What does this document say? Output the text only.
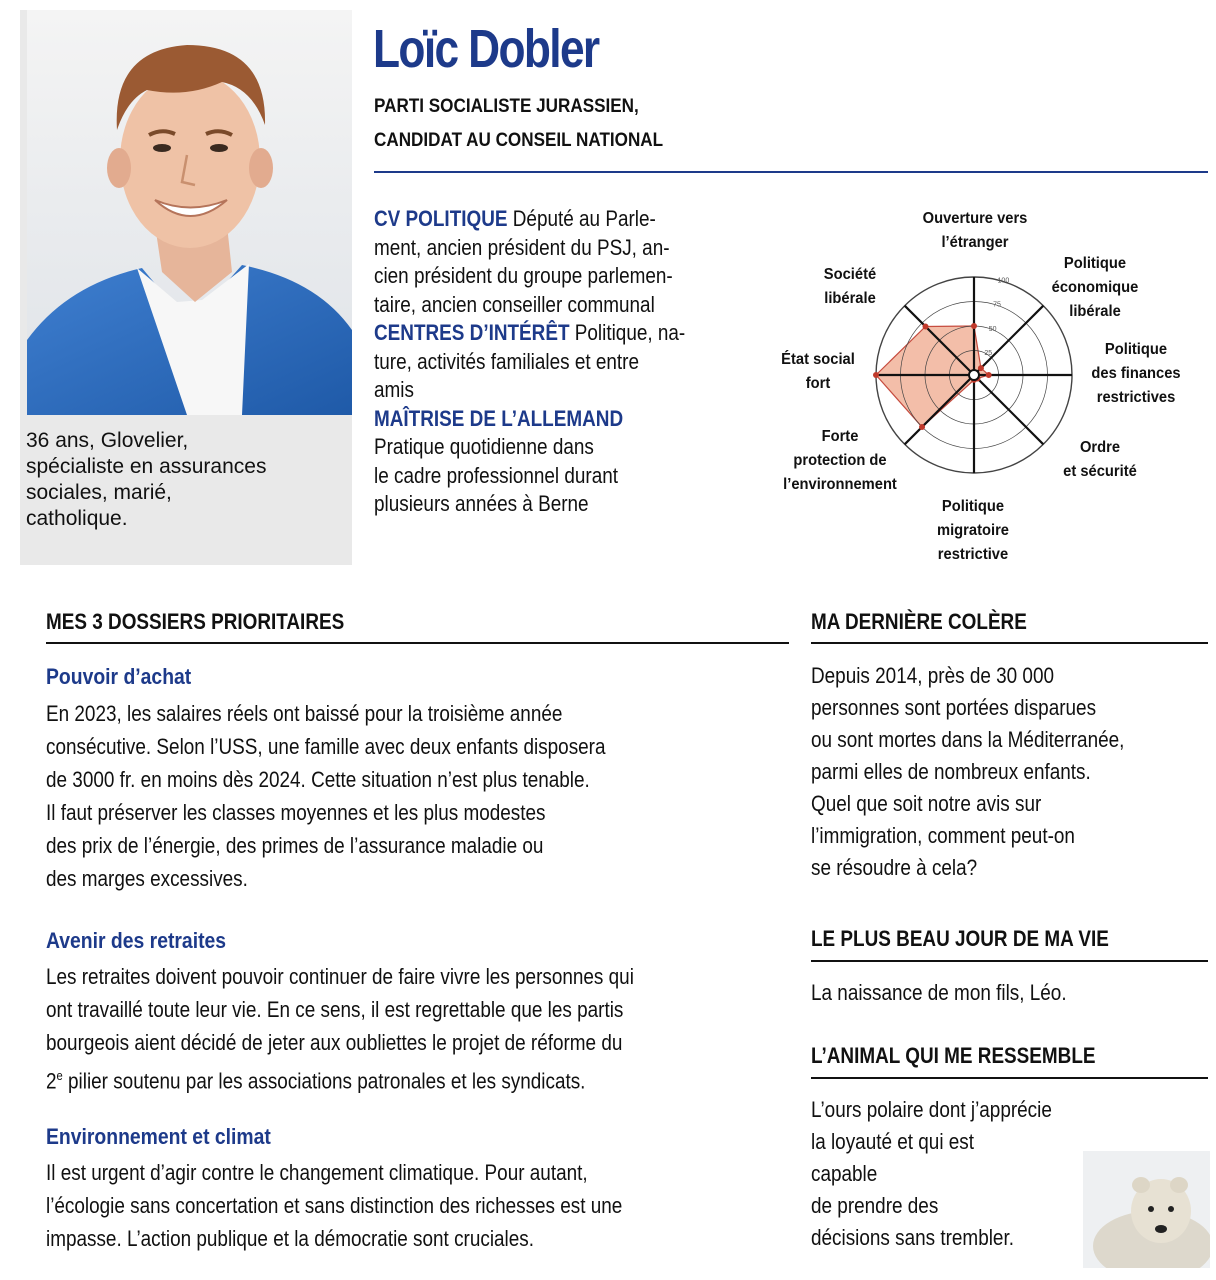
36 ans, Glovelier,
spécialiste en assurances
sociales, marié,
catholique.
Loïc Dobler
PARTI SOCIALISTE JURASSIEN,
CANDIDAT AU CONSEIL NATIONAL
CV POLITIQUE Député au Parle-
ment, ancien président du PSJ, an-
cien président du groupe parlemen-
taire, ancien conseiller communal
CENTRES D’INTÉRÊT Politique, na-
ture, activités familiales et entre
amis
MAÎTRISE DE L’ALLEMAND
Pratique quotidienne dans
le cadre professionnel durant
plusieurs années à Berne
25
50
75
100
Ouverture vers
l’étranger
Politique
économique
libérale
Politique
des finances
restrictives
Ordre
et sécurité
Politique
migratoire
restrictive
Forte
protection de
l’environnement
État social
fort
Société
libérale
MES 3 DOSSIERS PRIORITAIRES
Pouvoir d’achat
En 2023, les salaires réels ont baissé pour la troisième année
consécutive. Selon l’USS, une famille avec deux enfants disposera
de 3000 fr. en moins dès 2024. Cette situation n’est plus tenable.
Il faut préserver les classes moyennes et les plus modestes
des prix de l’énergie, des primes de l’assurance maladie ou
des marges excessives.
Avenir des retraites
Les retraites doivent pouvoir continuer de faire vivre les personnes qui
ont travaillé toute leur vie. En ce sens, il est regrettable que les partis
bourgeois aient décidé de jeter aux oubliettes le projet de réforme du
2e pilier soutenu par les associations patronales et les syndicats.
Environnement et climat
Il est urgent d’agir contre le changement climatique. Pour autant,
l’écologie sans concertation et sans distinction des richesses est une
impasse. L’action publique et la démocratie sont cruciales.
MA DERNIÈRE COLÈRE
Depuis 2014, près de 30 000
personnes sont portées disparues
ou sont mortes dans la Méditerranée,
parmi elles de nombreux enfants.
Quel que soit notre avis sur
l’immigration, comment peut-on
se résoudre à cela?
LE PLUS BEAU JOUR DE MA VIE
La naissance de mon fils, Léo.
L’ANIMAL QUI ME RESSEMBLE
L’ours polaire dont j’apprécie
la loyauté et qui est
capable
de prendre des
décisions sans trembler.
